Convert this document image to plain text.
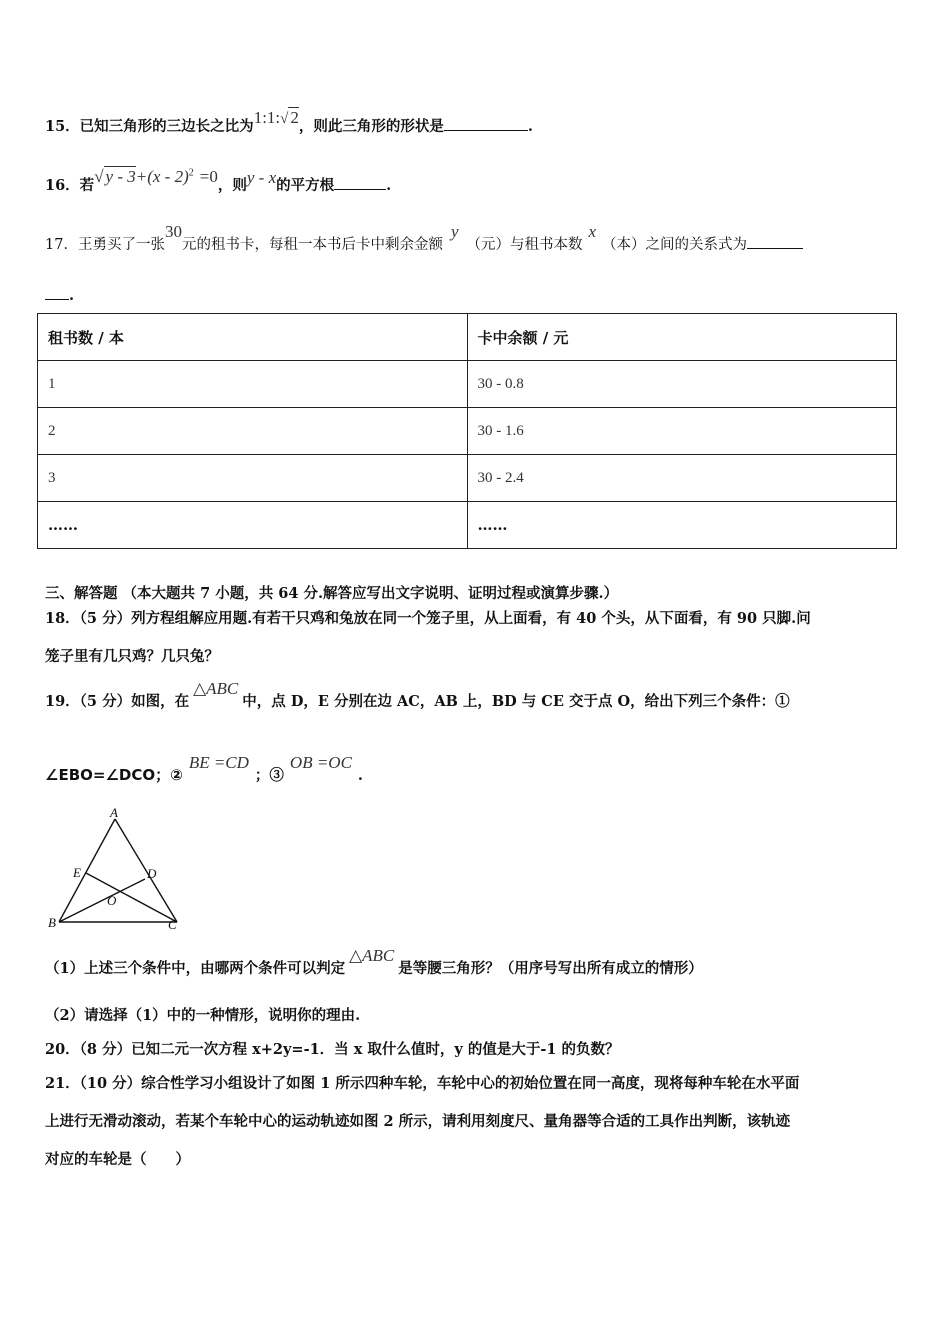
15．已知三角形的三边长之比为1:1:√ 2，则此三角形的形状是	.
16．若√ y - 3+(x - 2)$^2$ =0，则y - x的平方根	.
17．王勇买了一张30元的租书卡，每租一本书后卡中剩余金额y（元）与租书本数x（本）之间的关系式为
.
租书数 / 本	卡中余额 / 元
1	30 - 0.8
2	30 - 1.6
3	30 - 2.4
……	……
三、解答题 （本大题共 7 小题，共 64 分.解答应写出文字说明、证明过程或演算步骤.）
18．（5 分）列方程组解应用题.有若干只鸡和兔放在同一个笼子里，从上面看，有 40 个头，从下面看，有 90 只脚.问
笼子里有几只鸡？几只兔？
19．（5 分）如图，在△ABC中，点 D，E 分别在边 AC，AB 上，BD 与 CE 交于点 O，给出下列三个条件：①
∠EBO=∠DCO；②BE =CD；③OB =OC.
A
B	C
D
E
O
（1）上述三个条件中，由哪两个条件可以判定△ABC是等腰三角形？（用序号写出所有成立的情形）
（2）请选择（1）中的一种情形，说明你的理由.
20．（8 分）已知二元一次方程 x+2y=-1．当 x 取什么值时，y 的值是大于-1 的负数？
21．（10 分）综合性学习小组设计了如图 1 所示四种车轮，车轮中心的初始位置在同一高度，现将每种车轮在水平面
上进行无滑动滚动，若某个车轮中心的运动轨迹如图 2 所示，请利用刻度尺、量角器等合适的工具作出判断，该轨迹
对应的车轮是（　　）
